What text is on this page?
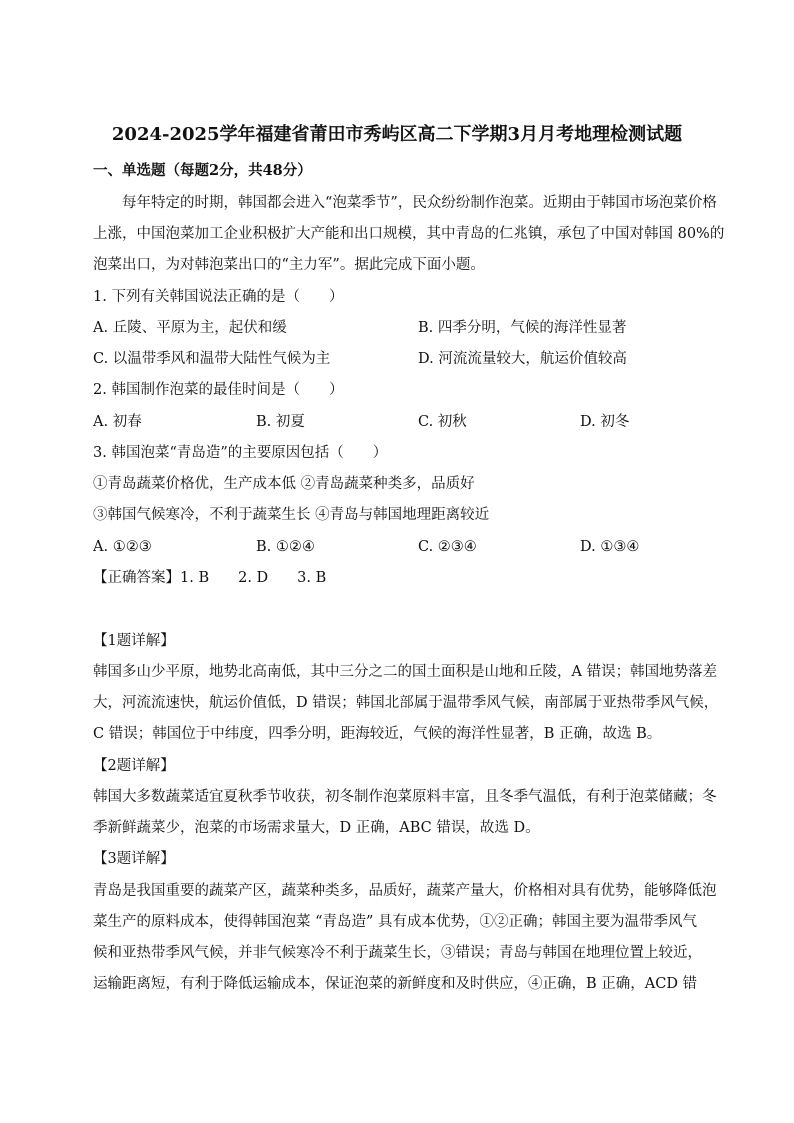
2024-2025学年福建省莆田市秀屿区高二下学期3月月考地理检测试题
一、单选题（每题2分，共48分）
每年特定的时期，韩国都会进入“泡菜季节”，民众纷纷制作泡菜。近期由于韩国市场泡菜价格
上涨，中国泡菜加工企业积极扩大产能和出口规模，其中青岛的仁兆镇，承包了中国对韩国 80%的
泡菜出口，为对韩泡菜出口的“主力军”。据此完成下面小题。
1. 下列有关韩国说法正确的是（　　）
A. 丘陵、平原为主，起伏和缓	B. 四季分明，气候的海洋性显著
C. 以温带季风和温带大陆性气候为主	D. 河流流量较大，航运价值较高
2. 韩国制作泡菜的最佳时间是（　　）
A. 初春	B. 初夏	C. 初秋	D. 初冬
3. 韩国泡菜“青岛造”的主要原因包括（　　）
①青岛蔬菜价格优，生产成本低 ②青岛蔬菜种类多，品质好
③韩国气候寒冷，不利于蔬菜生长 ④青岛与韩国地理距离较近
A. ①②③	B. ①②④	C. ②③④	D. ①③④
【正确答案】1. B　　2. D　　3. B
【1题详解】
韩国多山少平原，地势北高南低，其中三分之二的国土面积是山地和丘陵，A 错误；韩国地势落差
大，河流流速快，航运价值低，D 错误；韩国北部属于温带季风气候，南部属于亚热带季风气候，
C 错误；韩国位于中纬度，四季分明，距海较近，气候的海洋性显著，B 正确，故选 B。
【2题详解】
韩国大多数蔬菜适宜夏秋季节收获，初冬制作泡菜原料丰富，且冬季气温低，有利于泡菜储藏；冬
季新鲜蔬菜少，泡菜的市场需求量大，D 正确，ABC 错误，故选 D。
【3题详解】
青岛是我国重要的蔬菜产区，蔬菜种类多，品质好，蔬菜产量大，价格相对具有优势，能够降低泡
菜生产的原料成本，使得韩国泡菜 “青岛造” 具有成本优势，①②正确；韩国主要为温带季风气
候和亚热带季风气候，并非气候寒冷不利于蔬菜生长，③错误；青岛与韩国在地理位置上较近，
运输距离短，有利于降低运输成本，保证泡菜的新鲜度和及时供应，④正确，B 正确，ACD 错
